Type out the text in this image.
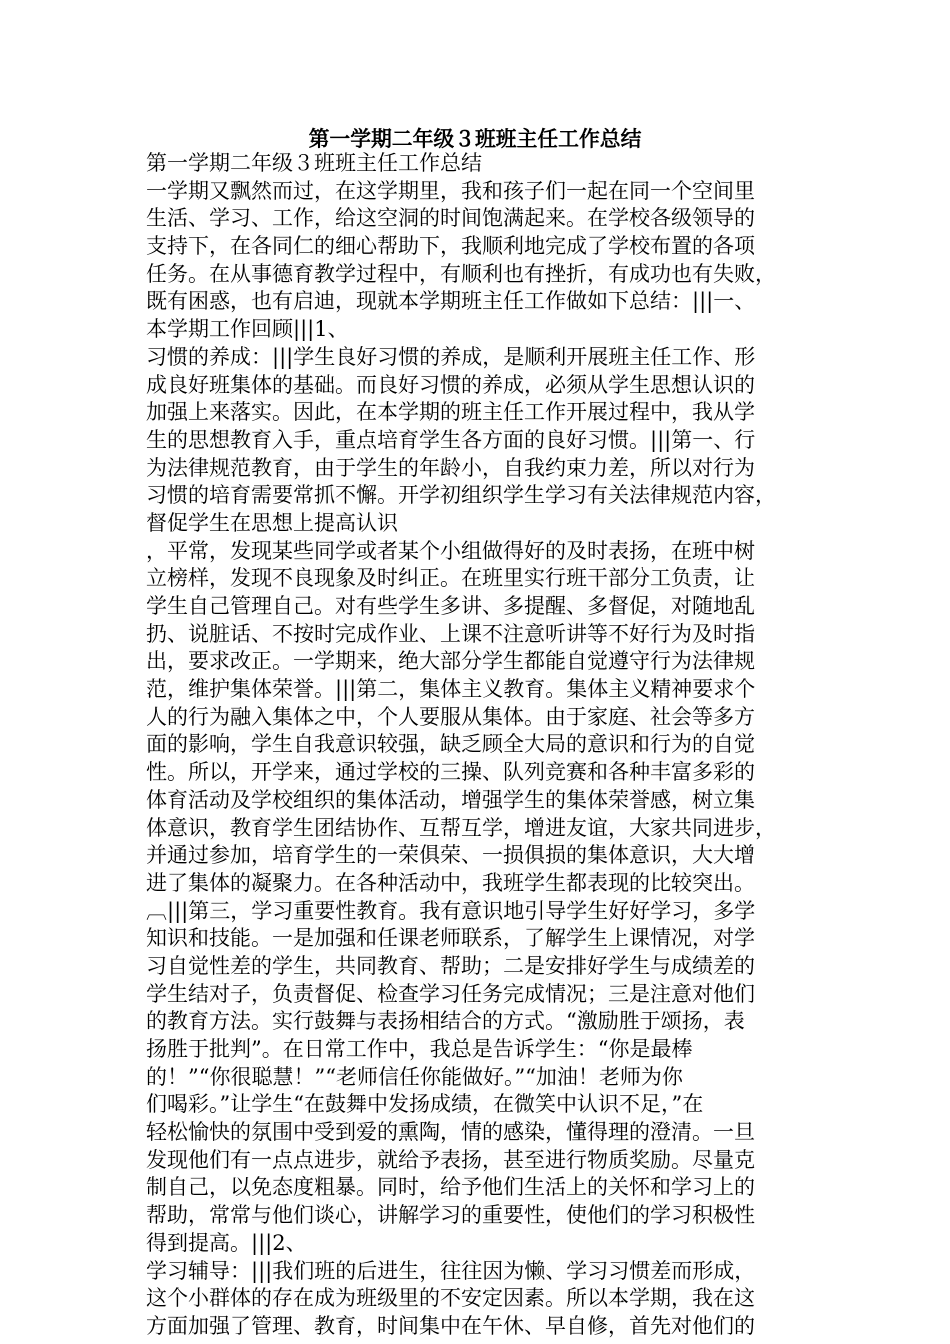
第一学期二年级３班班主任工作总结
第一学期二年级３班班主任工作总结
一学期又飘然而过，在这学期里，我和孩子们一起在同一个空间里
生活、学习、工作，给这空洞的时间饱满起来。在学校各级领导的
支持下，在各同仁的细心帮助下，我顺利地完成了学校布置的各项
任务。在从事德育教学过程中，有顺利也有挫折，有成功也有失败，
既有困惑，也有启迪，现就本学期班主任工作做如下总结：|||一、
本学期工作回顾|||1、
习惯的养成：|||学生良好习惯的养成，是顺利开展班主任工作、形
成良好班集体的基础。而良好习惯的养成，必须从学生思想认识的
加强上来落实。因此，在本学期的班主任工作开展过程中，我从学
生的思想教育入手，重点培育学生各方面的良好习惯。|||第一、行
为法律规范教育，由于学生的年龄小，自我约束力差，所以对行为
习惯的培育需要常抓不懈。开学初组织学生学习有关法律规范内容，
督促学生在思想上提高认识
，平常，发现某些同学或者某个小组做得好的及时表扬，在班中树
立榜样，发现不良现象及时纠正。在班里实行班干部分工负责，让
学生自己管理自己。对有些学生多讲、多提醒、多督促，对随地乱
扔、说脏话、不按时完成作业、上课不注意听讲等不好行为及时指
出，要求改正。一学期来，绝大部分学生都能自觉遵守行为法律规
范，维护集体荣誉。|||第二，集体主义教育。集体主义精神要求个
人的行为融入集体之中，个人要服从集体。由于家庭、社会等多方
面的影响，学生自我意识较强，缺乏顾全大局的意识和行为的自觉
性。所以，开学来，通过学校的三操、队列竞赛和各种丰富多彩的
体育活动及学校组织的集体活动，增强学生的集体荣誉感，树立集
体意识，教育学生团结协作、互帮互学，增进友谊，大家共同进步，
并通过参加，培育学生的一荣俱荣、一损俱损的集体意识，大大增
进了集体的凝聚力。在各种活动中，我班学生都表现的比较突出。
︹|||第三，学习重要性教育。我有意识地引导学生好好学习，多学
知识和技能。一是加强和任课老师联系，了解学生上课情况，对学
习自觉性差的学生，共同教育、帮助；二是安排好学生与成绩差的
学生结对子，负责督促、检查学习任务完成情况；三是注意对他们
的教育方法。实行鼓舞与表扬相结合的方式。“激励胜于颂扬，表
扬胜于批判”。在日常工作中，我总是告诉学生：“你是最棒
的！”“你很聪慧！”“老师信任你能做好。”“加油！老师为你
们喝彩。”让学生“在鼓舞中发扬成绩，在微笑中认识不足，”在
轻松愉快的氛围中受到爱的熏陶，情的感染，懂得理的澄清。一旦
发现他们有一点点进步，就给予表扬，甚至进行物质奖励。尽量克
制自己，以免态度粗暴。同时，给予他们生活上的关怀和学习上的
帮助，常常与他们谈心，讲解学习的重要性，使他们的学习积极性
得到提高。|||2、
学习辅导：|||我们班的后进生，往往因为懒、学习习惯差而形成，
这个小群体的存在成为班级里的不安定因素。所以本学期，我在这
方面加强了管理、教育，时间集中在午休、早自修，首先对他们的
